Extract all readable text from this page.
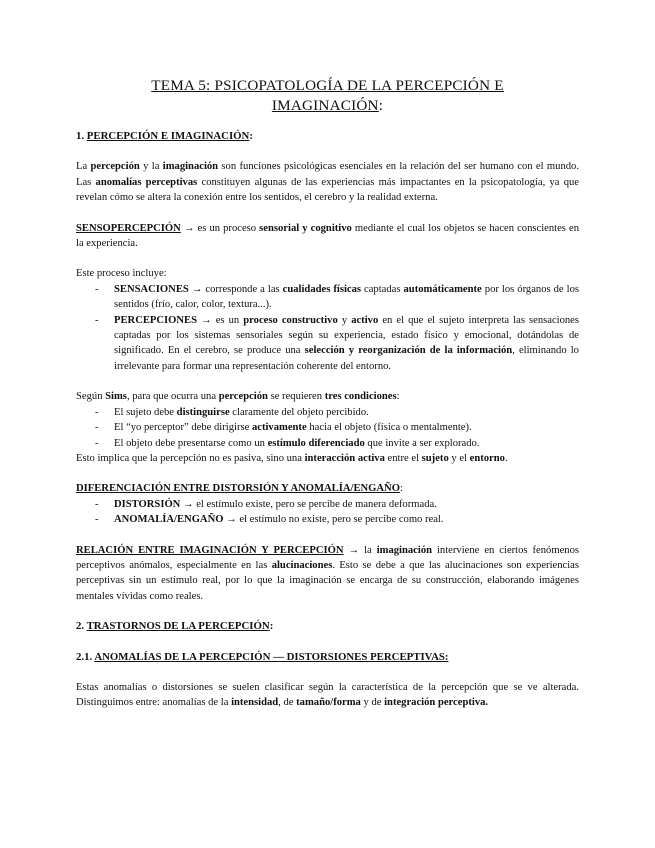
TEMA 5: PSICOPATOLOGÍA DE LA PERCEPCIÓN E
IMAGINACIÓN:
1. PERCEPCIÓN E IMAGINACIÓN:

La percepción y la imaginación son funciones psicológicas esenciales en la relación del ser humano con el mundo. Las anomalías perceptivas constituyen algunas de las experiencias más impactantes en la psicopatología, ya que revelan cómo se altera la conexión entre los sentidos, el cerebro y la realidad externa.

SENSOPERCEPCIÓN → es un proceso sensorial y cognitivo mediante el cual los objetos se hacen conscientes en la experiencia.

Este proceso incluye:

- SENSACIONES → corresponde a las cualidades físicas captadas automáticamente por los órganos de los sentidos (frío, calor, color, textura...).
- PERCEPCIONES → es un proceso constructivo y activo en el que el sujeto interpreta las sensaciones captadas por los sistemas sensoriales según su experiencia, estado físico y emocional, dotándolas de significado. En el cerebro, se produce una selección y reorganización de la información, eliminando lo irrelevante para formar una representación coherente del entorno.

Según Sims, para que ocurra una percepción se requieren tres condiciones:

- El sujeto debe distinguirse claramente del objeto percibido.
- El “yo perceptor” debe dirigirse activamente hacia el objeto (física o mentalmente).
- El objeto debe presentarse como un estímulo diferenciado que invite a ser explorado.

Esto implica que la percepción no es pasiva, sino una interacción activa entre el sujeto y el entorno.

DIFERENCIACIÓN ENTRE DISTORSIÓN Y ANOMALÍA/ENGAÑO:

- DISTORSIÓN → el estímulo existe, pero se percibe de manera deformada.
- ANOMALÍA/ENGAÑO → el estímulo no existe, pero se percibe como real.

RELACIÓN ENTRE IMAGINACIÓN Y PERCEPCIÓN → la imaginación interviene en ciertos fenómenos perceptivos anómalos, especialmente en las alucinaciones. Esto se debe a que las alucinaciones son experiencias perceptivas sin un estímulo real, por lo que la imaginación se encarga de su construcción, elaborando imágenes mentales vívidas como reales.

2. TRASTORNOS DE LA PERCEPCIÓN:
2.1. ANOMALÍAS DE LA PERCEPCIÓN — DISTORSIONES PERCEPTIVAS:

Estas anomalías o distorsiones se suelen clasificar según la característica de la percepción que se ve alterada. Distinguimos entre: anomalías de la intensidad, de tamaño/forma y de integración perceptiva.
